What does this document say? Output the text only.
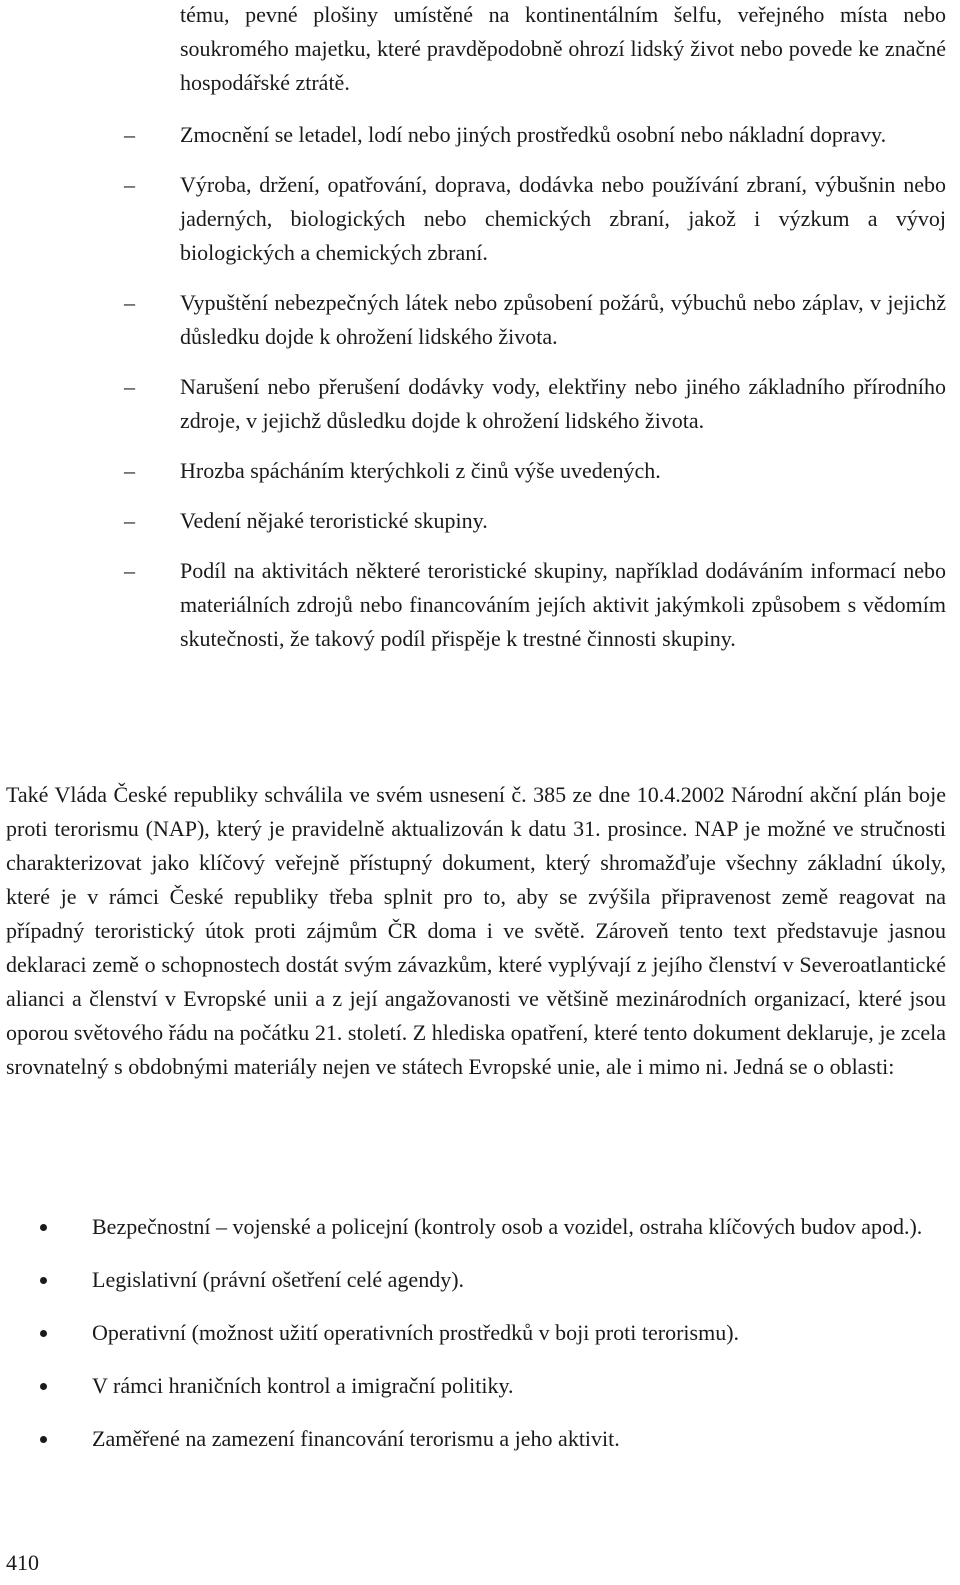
tému, pevné plošiny umístěné na kontinentálním šelfu, veřejného místa nebo soukromého majetku, které pravděpodobně ohrozí lidský život nebo povede ke značné hospodářské ztrátě.
–	Zmocnění se letadel, lodí nebo jiných prostředků osobní nebo nákladní dopravy.
–	Výroba, držení, opatřování, doprava, dodávka nebo používání zbraní, výbušnin nebo jaderných, biologických nebo chemických zbraní, jakož i výzkum a vývoj biologických a chemických zbraní.
–	Vypuštění nebezpečných látek nebo způsobení požárů, výbuchů nebo záplav, v jejichž důsledku dojde k ohrožení lidského života.
–	Narušení nebo přerušení dodávky vody, elektřiny nebo jiného základního přírodního zdroje, v jejichž důsledku dojde k ohrožení lidského života.
–	Hrozba spácháním kterýchkoli z činů výše uvedených.
–	Vedení nějaké teroristické skupiny.
–	Podíl na aktivitách některé teroristické skupiny, například dodáváním informací nebo materiálních zdrojů nebo financováním jejích aktivit jakýmkoli způsobem s vědomím skutečnosti, že takový podíl přispěje k trestné činnosti skupiny.

Také Vláda České republiky schválila ve svém usnesení č. 385 ze dne 10.4.2002 Národní akční plán boje proti terorismu (NAP), který je pravidelně aktualizován k datu 31. prosince. NAP je možné ve stručnosti charakterizovat jako klíčový veřejně přístupný dokument, který shromažďuje všechny základní úkoly, které je v rámci České republiky třeba splnit pro to, aby se zvýšila připravenost země reagovat na případný teroristický útok proti zájmům ČR doma i ve světě. Zároveň tento text představuje jasnou deklaraci země o schopnostech dostát svým závazkům, které vyplývají z jejího členství v Severoatlantické alianci a členství v Evropské unii a z její angažovanosti ve většině mezinárodních organizací, které jsou oporou světového řádu na počátku 21. století. Z hlediska opatření, které tento dokument deklaruje, je zcela srovnatelný s obdobnými materiály nejen ve státech Evropské unie, ale i mimo ni. Jedná se o oblasti:

Bezpečnostní – vojenské a policejní (kontroly osob a vozidel, ostraha klíčových budov apod.).
Legislativní (právní ošetření celé agendy).
Operativní (možnost užití operativních prostředků v boji proti terorismu).
V rámci hraničních kontrol a imigrační politiky.
Zaměřené na zamezení financování terorismu a jeho aktivit.
410
